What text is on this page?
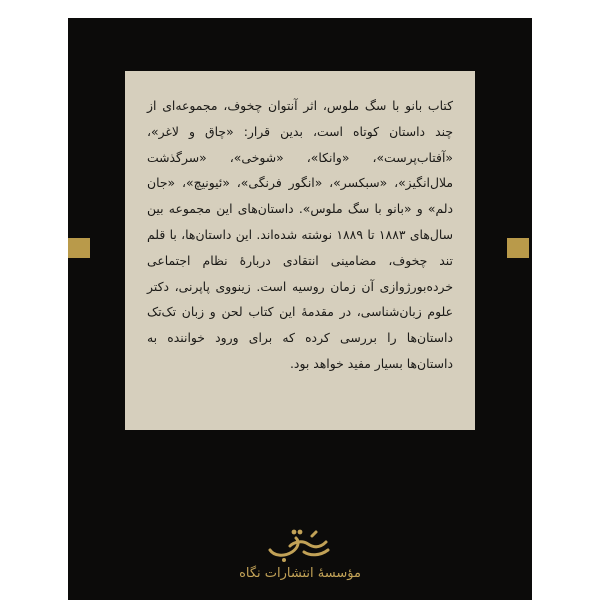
کتاب بانو با سگ ملوس، اثر آنتوان چخوف، مجموعه‌ای از چند داستان کوتاه است، بدین قرار: «چاق و لاغر»، «آفتاب‌پرست»، «وانکا»، «شوخی»، «سرگذشت ملال‌انگیز»، «سبکسر»، «انگور فرنگی»، «ئیونیچ»، «جان دلم» و «بانو با سگ ملوس». داستان‌های این مجموعه بین سال‌های ۱۸۸۳ تا ۱۸۸۹ نوشته شده‌اند. این داستان‌ها، با قلم تند چخوف، مضامینی انتقادی دربارهٔ نظام اجتماعی خرده‌بورژوازی آن زمان روسیه است. زینووی پاپرنی، دکتر علوم زبان‌شناسی، در مقدمهٔ این کتاب لحن و زبان تک‌تک داستان‌ها را بررسی کرده که برای ورود خواننده به داستان‌ها بسیار مفید خواهد بود.

مؤسسهٔ انتشارات نگاه
